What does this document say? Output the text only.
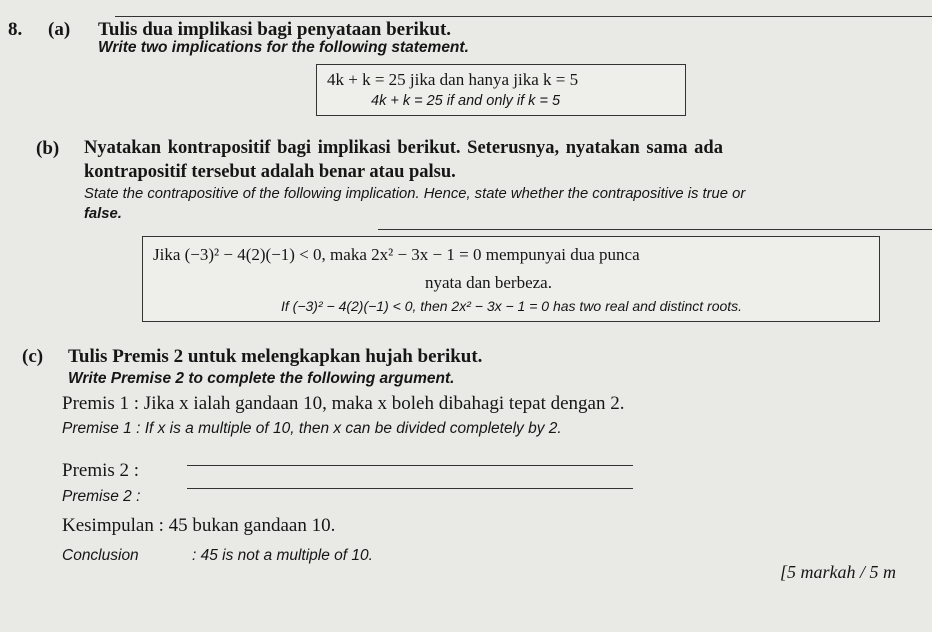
8. (a) Tulis dua implikasi bagi penyataan berikut.
Write two implications for the following statement.
4k + k = 25 jika dan hanya jika k = 5
4k + k = 25 if and only if k = 5
(b) Nyatakan kontrapositif bagi implikasi berikut. Seterusnya, nyatakan sama ada
kontrapositif tersebut adalah benar atau palsu.
State the contrapositive of the following implication. Hence, state whether the contrapositive is true or
false.
Jika (−3)² − 4(2)(−1) < 0, maka 2x² − 3x − 1 = 0 mempunyai dua punca
nyata dan berbeza.
If (−3)² − 4(2)(−1) < 0, then 2x² − 3x − 1 = 0 has two real and distinct roots.
(c) Tulis Premis 2 untuk melengkapkan hujah berikut.
Write Premise 2 to complete the following argument.
Premis 1 : Jika x ialah gandaan 10, maka x boleh dibahagi tepat dengan 2.
Premise 1 : If x is a multiple of 10, then x can be divided completely by 2.
Premis 2 :
Premise 2 :
Kesimpulan : 45 bukan gandaan 10.
Conclusion	: 45 is not a multiple of 10.
[5 markah / 5 m
